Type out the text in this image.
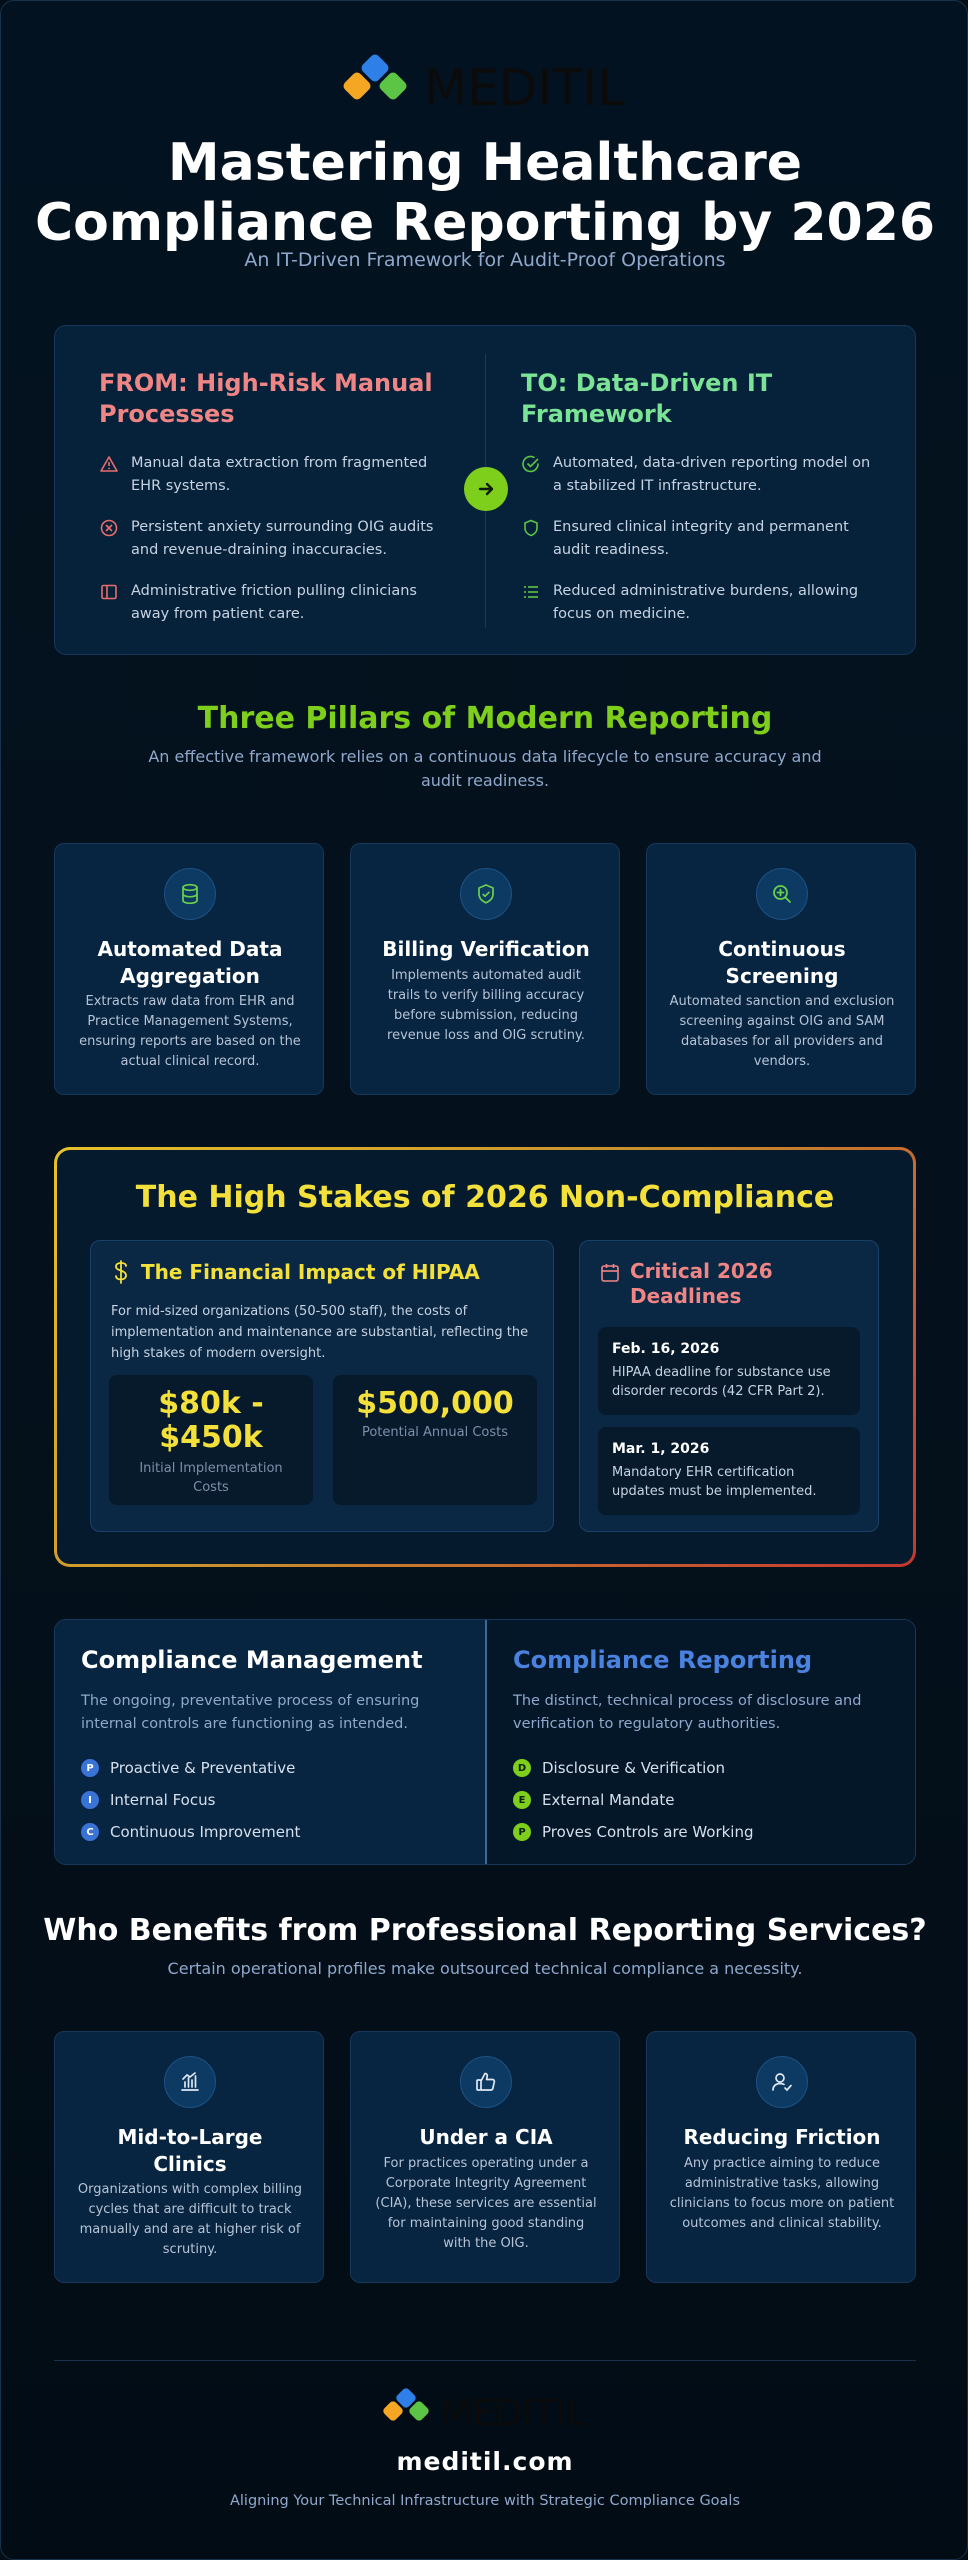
MEDITIL
Mastering Healthcare
Compliance Reporting by 2026
An IT-Driven Framework for Audit-Proof Operations
FROM: High-Risk Manual Processes
Manual data extraction from fragmented EHR systems.
Persistent anxiety surrounding OIG audits and revenue-draining inaccuracies.
Administrative friction pulling clinicians away from patient care.
TO: Data-Driven IT Framework
Automated, data-driven reporting model on a stabilized IT infrastructure.
Ensured clinical integrity and permanent audit readiness.
Reduced administrative burdens, allowing focus on medicine.
Three Pillars of Modern Reporting
An effective framework relies on a continuous data lifecycle to ensure accuracy and audit readiness.
Automated Data Aggregation
Extracts raw data from EHR and Practice Management Systems, ensuring reports are based on the actual clinical record.
Billing Verification
Implements automated audit trails to verify billing accuracy before submission, reducing revenue loss and OIG scrutiny.
Continuous Screening
Automated sanction and exclusion screening against OIG and SAM databases for all providers and vendors.
The High Stakes of 2026 Non-Compliance
The Financial Impact of HIPAA
For mid-sized organizations (50-500 staff), the costs of implementation and maintenance are substantial, reflecting the high stakes of modern oversight.
$80k - $450k
Initial Implementation Costs
$500,000
Potential Annual Costs
Critical 2026 Deadlines
Feb. 16, 2026
HIPAA deadline for substance use disorder records (42 CFR Part 2).
Mar. 1, 2026
Mandatory EHR certification updates must be implemented.
Compliance Management
The ongoing, preventative process of ensuring internal controls are functioning as intended.
P	Proactive & Preventative
I	Internal Focus
C	Continuous Improvement
Compliance Reporting
The distinct, technical process of disclosure and verification to regulatory authorities.
D	Disclosure & Verification
E	External Mandate
P	Proves Controls are Working
Who Benefits from Professional Reporting Services?
Certain operational profiles make outsourced technical compliance a necessity.
Mid-to-Large Clinics
Organizations with complex billing cycles that are difficult to track manually and are at higher risk of scrutiny.
Under a CIA
For practices operating under a Corporate Integrity Agreement (CIA), these services are essential for maintaining good standing with the OIG.
Reducing Friction
Any practice aiming to reduce administrative tasks, allowing clinicians to focus more on patient outcomes and clinical stability.
MEDITIL
meditil.com
Aligning Your Technical Infrastructure with Strategic Compliance Goals
